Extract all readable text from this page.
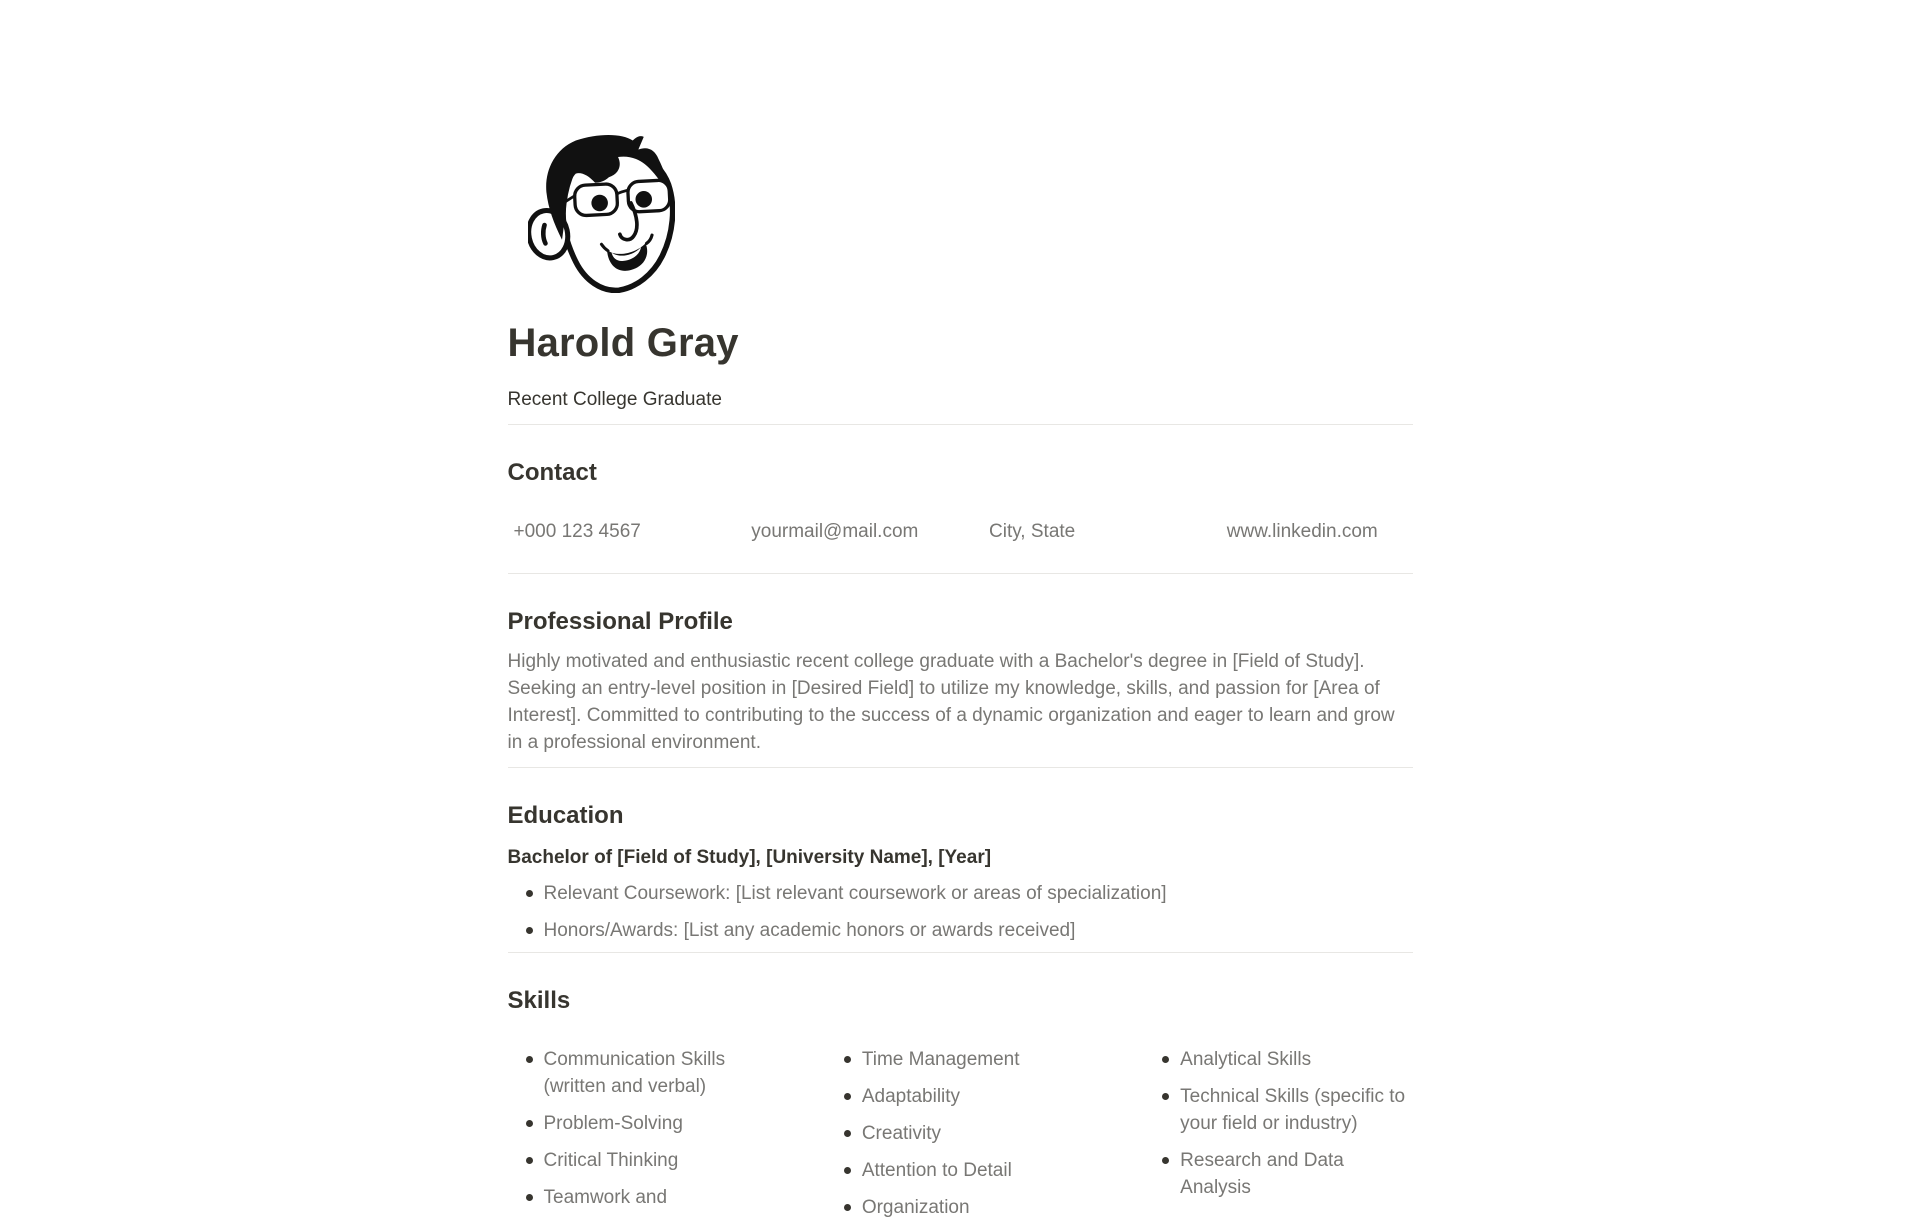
Harold Gray

Recent College Graduate

Contact
+000 123 4567	yourmail@mail.com	City, State	www.linkedin.com
Professional Profile

Highly motivated and enthusiastic recent college graduate with a Bachelor's degree in [Field of Study]. Seeking an entry-level position in [Desired Field] to utilize my knowledge, skills, and passion for [Area of Interest]. Committed to contributing to the success of a dynamic organization and eager to learn and grow in a professional environment.

Education

Bachelor of [Field of Study], [University Name], [Year]

Relevant Coursework: [List relevant coursework or areas of specialization]
Honors/Awards: [List any academic honors or awards received]
Skills
Communication Skills (written and verbal)
Problem-Solving
Critical Thinking
Teamwork and
Time Management
Adaptability
Creativity
Attention to Detail
Organization
Analytical Skills
Technical Skills (specific to your field or industry)
Research and Data Analysis
